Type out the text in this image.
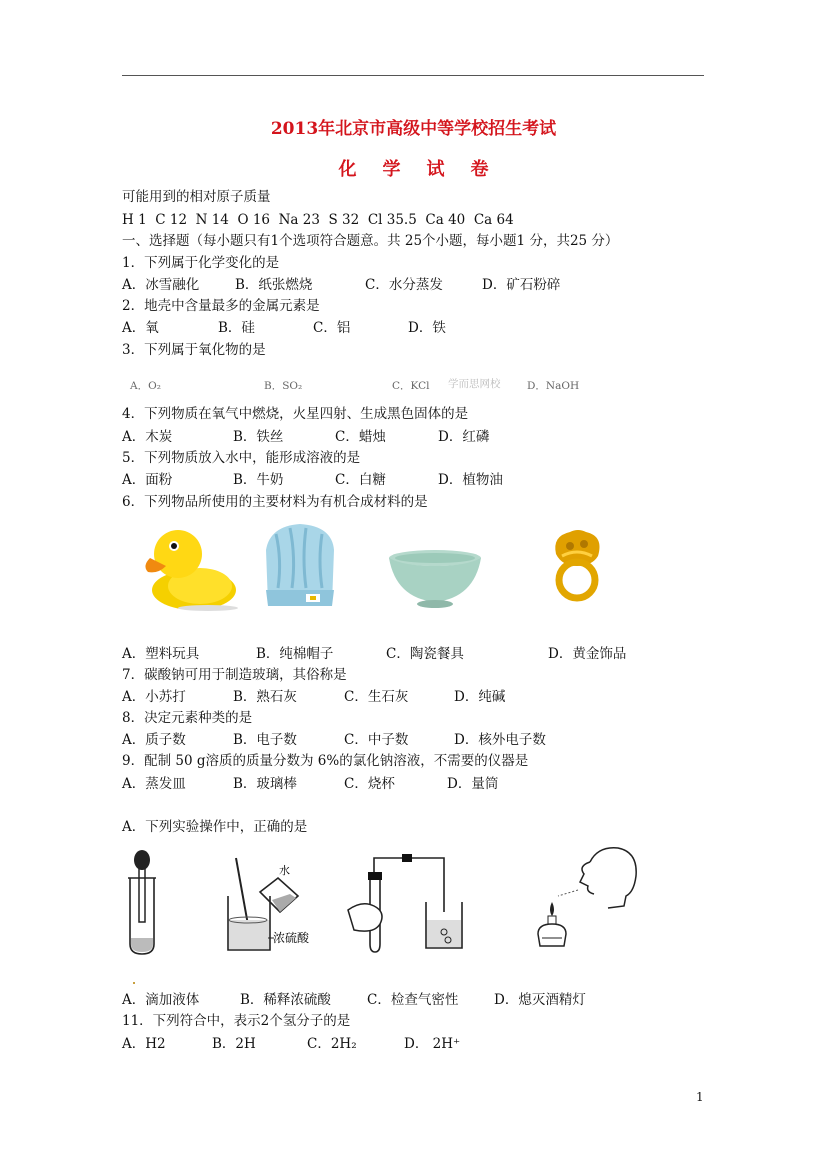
2013年北京市高级中等学校招生考试
化学试卷
可能用到的相对原子质量
H 1  C 12  N 14  O 16  Na 23  S 32  Cl 35.5  Ca 40  Ca 64
一、选择题（每小题只有1个选项符合题意。共 25个小题，每小题1 分，共25 分）
1．下列属于化学变化的是
A．冰雪融化	B．纸张燃烧	C．水分蒸发	D．矿石粉碎
2．地壳中含量最多的金属元素是
A．氧	B．硅	C．铝	D．铁
3．下列属于氧化物的是
A．O₂	B．SO₂	C．KCl 学而思网校	D．NaOH
4．下列物质在氧气中燃烧，火星四射、生成黑色固体的是
A．木炭	B．铁丝	C．蜡烛	D．红磷
5．下列物质放入水中，能形成溶液的是
A．面粉	B．牛奶	C．白糖	D．植物油
6．下列物品所使用的主要材料为有机合成材料的是
A．塑料玩具	B．纯棉帽子	C．陶瓷餐具	D．黄金饰品
7．碳酸钠可用于制造玻璃，其俗称是
A．小苏打	B．熟石灰	C．生石灰	D．纯碱
8．决定元素种类的是
A．质子数	B．电子数	C．中子数	D．核外电子数
9．配制 50 g溶质的质量分数为 6%的氯化钠溶液，不需要的仪器是
A．蒸发皿	B．玻璃棒	C．烧杯	D．量筒
A．下列实验操作中，正确的是
水
浓硫酸
A．滴加液体	B．稀释浓硫酸	C．检查气密性	D．熄灭酒精灯
11．下列符合中，表示2个氢分子的是
A．H2	B．2H	C．2H₂	D． 2H⁺
1
